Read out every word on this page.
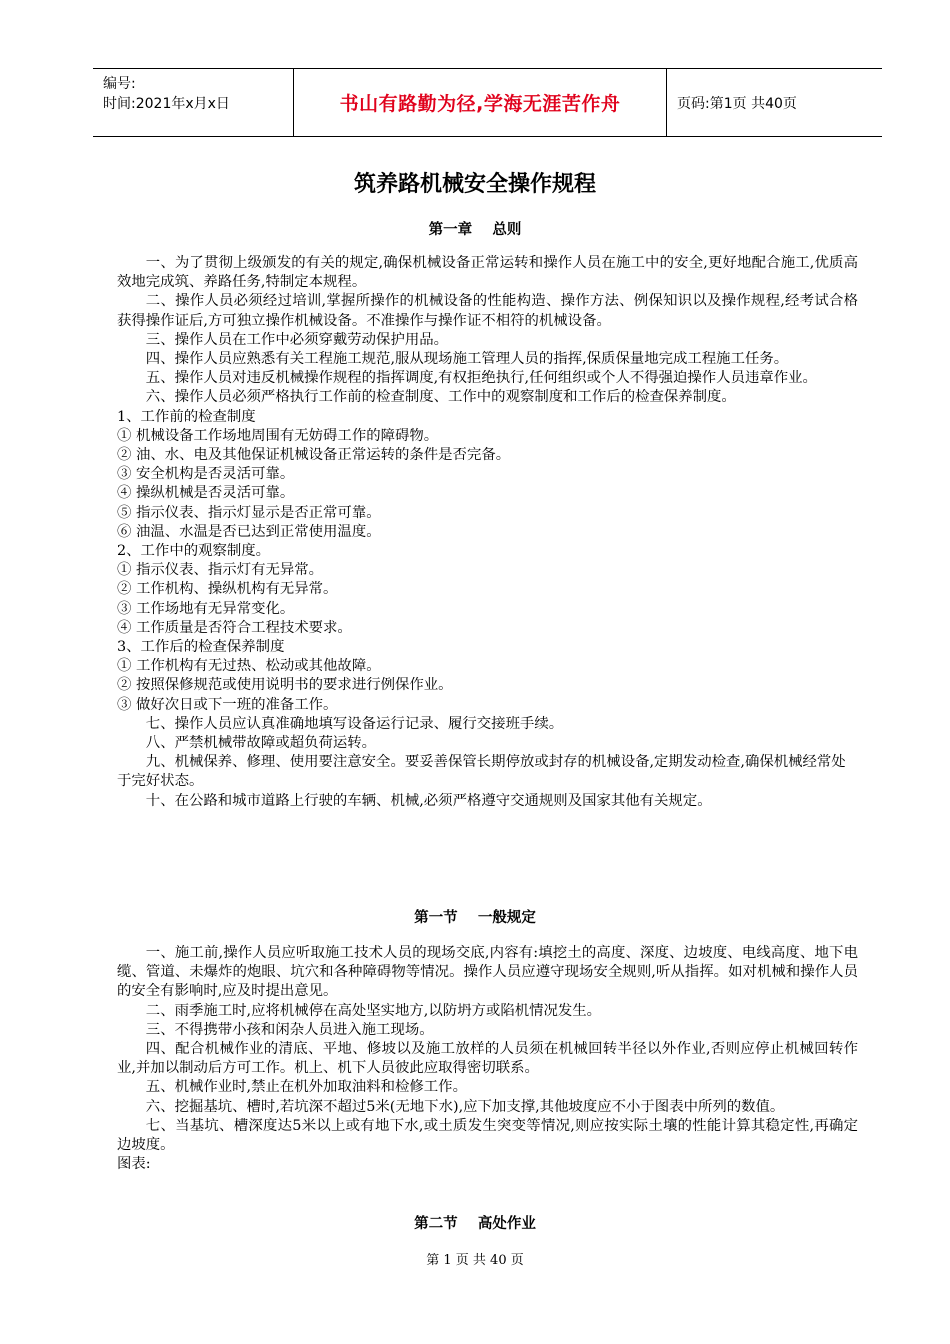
编号:
时间:2021年x月x日	书山有路勤为径,学海无涯苦作舟	页码:第1页 共40页
筑养路机械安全操作规程
第一章    总则

一、为了贯彻上级颁发的有关的规定,确保机械设备正常运转和操作人员在施工中的安全,更好地配合施工,优质高效地完成筑、养路任务,特制定本规程。

二、操作人员必须经过培训,掌握所操作的机械设备的性能构造、操作方法、例保知识以及操作规程,经考试合格获得操作证后,方可独立操作机械设备。不准操作与操作证不相符的机械设备。

三、操作人员在工作中必须穿戴劳动保护用品。

四、操作人员应熟悉有关工程施工规范,服从现场施工管理人员的指挥,保质保量地完成工程施工任务。

五、操作人员对违反机械操作规程的指挥调度,有权拒绝执行,任何组织或个人不得强迫操作人员违章作业。

六、操作人员必须严格执行工作前的检查制度、工作中的观察制度和工作后的检查保养制度。

1、工作前的检查制度

① 机械设备工作场地周围有无妨碍工作的障碍物。

② 油、水、电及其他保证机械设备正常运转的条件是否完备。

③ 安全机构是否灵活可靠。

④ 操纵机械是否灵活可靠。

⑤ 指示仪表、指示灯显示是否正常可靠。

⑥ 油温、水温是否已达到正常使用温度。

2、工作中的观察制度。

① 指示仪表、指示灯有无异常。

② 工作机构、操纵机构有无异常。

③ 工作场地有无异常变化。

④ 工作质量是否符合工程技术要求。

3、工作后的检查保养制度

① 工作机构有无过热、松动或其他故障。

② 按照保修规范或使用说明书的要求进行例保作业。

③ 做好次日或下一班的准备工作。

七、操作人员应认真准确地填写设备运行记录、履行交接班手续。

八、严禁机械带故障或超负荷运转。

九、机械保养、修理、使用要注意安全。要妥善保管长期停放或封存的机械设备,定期发动检查,确保机械经常处

于完好状态。

十、在公路和城市道路上行驶的车辆、机械,必须严格遵守交通规则及国家其他有关规定。

第一节    一般规定

一、施工前,操作人员应听取施工技术人员的现场交底,内容有:填挖土的高度、深度、边坡度、电线高度、地下电缆、管道、未爆炸的炮眼、坑穴和各种障碍物等情况。操作人员应遵守现场安全规则,听从指挥。如对机械和操作人员的安全有影响时,应及时提出意见。

二、雨季施工时,应将机械停在高处坚实地方,以防坍方或陷机情况发生。

三、不得携带小孩和闲杂人员进入施工现场。

四、配合机械作业的清底、平地、修坡以及施工放样的人员须在机械回转半径以外作业,否则应停止机械回转作业,并加以制动后方可工作。机上、机下人员彼此应取得密切联系。

五、机械作业时,禁止在机外加取油料和检修工作。

六、挖掘基坑、槽时,若坑深不超过5米(无地下水),应下加支撑,其他坡度应不小于图表中所列的数值。

七、当基坑、槽深度达5米以上或有地下水,或土质发生突变等情况,则应按实际土壤的性能计算其稳定性,再确定边坡度。

图表:

第二节    高处作业
第 1 页 共 40 页
